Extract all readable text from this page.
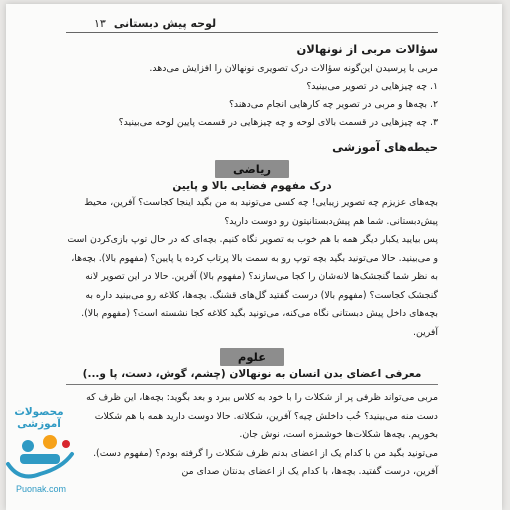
لوحه پیش دبستانی
۱۳
سؤالات مربی از نونهالان

مربی با پرسیدن این‌گونه سؤالات درک تصویری نونهالان را افزایش می‌دهد.

۱. چه چیزهایی در تصویر می‌بینید؟

۲. بچه‌ها و مربی در تصویر چه کارهایی انجام می‌دهند؟

۳. چه چیزهایی در قسمت بالای لوحه و چه چیزهایی در قسمت پایین لوحه می‌بینید؟

حیطه‌های آموزشی
ریاضی
درک مفهوم فضایی بالا و پایین

بچه‌های عزیزم چه تصویر زیبایی! چه کسی می‌تونید به من بگید اینجا کجاست؟ آفرین، محیط پیش‌دبستانی. شما هم پیش‌دبستانیتون رو دوست دارید؟

پس بیایید یکبار دیگر همه با هم خوب به تصویر نگاه کنیم. بچه‌ای که در حال توپ بازی‌کردن است و می‌بینید. حالا می‌تونید بگید بچه توپ رو به سمت بالا پرتاب کرده یا پایین؟ (مفهوم بالا). بچه‌ها، به نظر شما گنجشک‌ها لانه‌شان را کجا می‌سازند؟ (مفهوم بالا) آفرین. حالا در این تصویر لانه گنجشک کجاست؟ (مفهوم بالا) درست گفتید گل‌های قشنگ. بچه‌ها، کلاغه رو می‌بینید داره به بچه‌های داخل پیش دبستانی نگاه می‌کنه، می‌تونید بگید کلاغه کجا نشسته است؟ (مفهوم بالا). آفرین.

علوم
معرفی اعضای بدن انسان به نونهالان (چشم، گوش، دست، پا و...)

مربی می‌تواند ظرفی پر از شکلات را با خود به کلاس ببرد و بعد بگوید: بچه‌ها، این ظرف که دست منه می‌بینید؟ خُب داخلش چیه؟ آفرین، شکلاته. حالا دوست دارید همه با هم شکلات بخوریم. بچه‌ها شکلات‌ها خوشمزه است، نوش جان.

می‌تونید بگید من با کدام یک از اعضای بدنم ظرف شکلات را گرفته بودم؟ (مفهوم دست). آفرین، درست گفتید. بچه‌ها، با کدام یک از اعضای بدنتان صدای من

محصولات آموزشی
Puonak.com
